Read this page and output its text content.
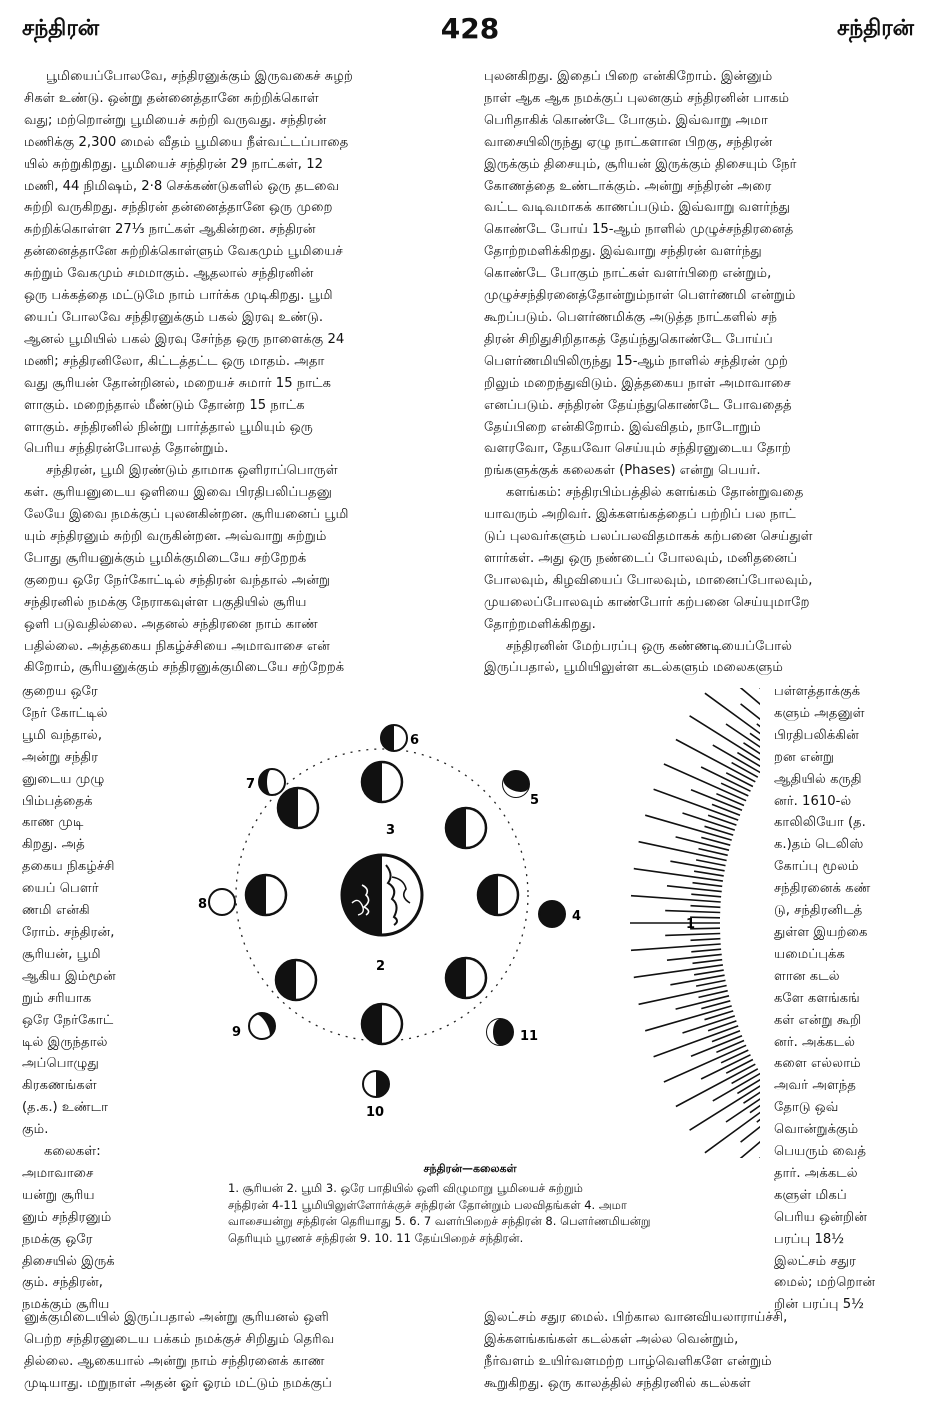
சந்திரன்	428	சந்திரன்

பூமியைப்போலவே, சந்திரனுக்கும் இருவகைச் சுழற்

சிகள் உண்டு. ஒன்று தன்னைத்தானே சுற்றிக்கொள்

வது; மற்றொன்று பூமியைச் சுற்றி வருவது. சந்திரன்

மணிக்கு 2,300 மைல் வீதம் பூமியை நீள்வட்டப்பாதை

யில் சுற்றுகிறது. பூமியைச் சந்திரன் 29 நாட்கள், 12

மணி, 44 நிமிஷம், 2·8 செக்கண்டுகளில் ஒரு தடவை

சுற்றி வருகிறது. சந்திரன் தன்னைத்தானே ஒரு முறை

சுற்றிக்கொள்ள 27⅓ நாட்கள் ஆகின்றன. சந்திரன்

தன்னைத்தானே சுற்றிக்கொள்ளும் வேகமும் பூமியைச்

சுற்றும் வேகமும் சமமாகும். ஆதலால் சந்திரனின்

ஒரு பக்கத்தை மட்டுமே நாம் பார்க்க முடிகிறது. பூமி

யைப் போலவே சந்திரனுக்கும் பகல் இரவு உண்டு.

ஆனல் பூமியில் பகல் இரவு சேர்ந்த ஒரு நாளைக்கு 24

மணி; சந்திரனிலோ, கிட்டத்தட்ட ஒரு மாதம். அதா

வது சூரியன் தோன்றினல், மறையச் சுமார் 15 நாட்க

ளாகும். மறைந்தால் மீண்டும் தோன்ற 15 நாட்க

ளாகும். சந்திரனில் நின்று பார்த்தால் பூமியும் ஒரு

பெரிய சந்திரன்போலத் தோன்றும்.

சந்திரன், பூமி இரண்டும் தாமாக ஒளிராப்பொருள்

கள். சூரியனுடைய ஒளியை இவை பிரதிபலிப்பதனு

லேயே இவை நமக்குப் புலனகின்றன. சூரியனைப் பூமி

யும் சந்திரனும் சுற்றி வருகின்றன. அவ்வாறு சுற்றும்

போது சூரியனுக்கும் பூமிக்குமிடையே சற்றேறக்

குறைய ஒரே நேர்கோட்டில் சந்திரன் வந்தால் அன்று

சந்திரனில் நமக்கு நேராகவுள்ள பகுதியில் சூரிய

ஒளி படுவதில்லை. அதனல் சந்திரனை நாம் காண்

பதில்லை. அத்தகைய நிகழ்ச்சியை அமாவாசை என்

கிறோம், சூரியனுக்கும் சந்திரனுக்குமிடையே சற்றேறக்

புலனகிறது. இதைப் பிறை என்கிறோம். இன்னும்

நாள் ஆக ஆக நமக்குப் புலனகும் சந்திரனின் பாகம்

பெரிதாகிக் கொண்டே போகும். இவ்வாறு அமா

வாசையிலிருந்து ஏழு நாட்களான பிறகு, சந்திரன்

இருக்கும் திசையும், சூரியன் இருக்கும் திசையும் நேர்

கோணத்தை உண்டாக்கும். அன்று சந்திரன் அரை

வட்ட வடிவமாகக் காணப்படும். இவ்வாறு வளர்ந்து

கொண்டே போய் 15-ஆம் நாளில் முழுச்சந்திரனைத்

தோற்றமளிக்கிறது. இவ்வாறு சந்திரன் வளர்ந்து

கொண்டே போகும் நாட்கள் வளர்பிறை என்றும்,

முழுச்சந்திரனைத்தோன்றும்நாள் பௌர்ணமி என்றும்

கூறப்படும். பௌர்ணமிக்கு அடுத்த நாட்களில் சந்

திரன் சிறிதுசிறிதாகத் தேய்ந்துகொண்டே போய்ப்

பௌர்ணமியிலிருந்து 15-ஆம் நாளில் சந்திரன் முற்

றிலும் மறைந்துவிடும். இத்தகைய நாள் அமாவாசை

எனப்படும். சந்திரன் தேய்ந்துகொண்டே போவதைத்

தேய்பிறை என்கிறோம். இவ்விதம், நாடோறும்

வளரவோ, தேயவோ செய்யும் சந்திரனுடைய தோற்

றங்களுக்குக் கலைகள் (Phases) என்று பெயர்.

களங்கம்: சந்திரபிம்பத்தில் களங்கம் தோன்றுவதை

யாவரும் அறிவர். இக்களங்கத்தைப் பற்றிப் பல நாட்

டுப் புலவர்களும் பலப்பலவிதமாகக் கற்பனை செய்துள்

ளார்கள். அது ஒரு நண்டைப் போலவும், மனிதனைப்

போலவும், கிழவியைப் போலவும், மானைப்போலவும்,

முயலைப்போலவும் காண்போர் கற்பனை செய்யுமாறே

தோற்றமளிக்கிறது.

சந்திரனின் மேற்பரப்பு ஒரு கண்ணடியைப்போல்

இருப்பதால், பூமியிலுள்ள கடல்களும் மலைகளும்

குறைய ஒரே

நேர் கோட்டில்

பூமி வந்தால்,

அன்று சந்திர

னுடைய முழு

பிம்பத்தைக்

காண முடி

கிறது. அத்

தகைய நிகழ்ச்சி

யைப் பௌர்

ணமி என்கி

ரோம். சந்திரன்,

சூரியன், பூமி

ஆகிய இம்மூன்

றும் சரியாக

ஒரே நேர்கோட்

டில் இருந்தால்

அப்பொழுது

கிரகணங்கள்

(த.க.) உண்டா

கும்.

கலைகள்:

அமாவாசை

யன்று சூரிய

னும் சந்திரனும்

நமக்கு ஒரே

திசையில் இருக்

கும். சந்திரன்,

நமக்கும் சூரிய

பள்ளத்தாக்குக்

களும் அதனுள்

பிரதிபலிக்கின்

றன என்று

ஆதியில் கருதி

னர். 1610-ல்

காலிலியோ (த.

க.)தம் டெலிஸ்

கோப்பு மூலம்

சந்திரனைக் கண்

டு, சந்திரனிடத்

துள்ள இயற்கை

யமைப்புக்க

ளான கடல்

களே களங்கங்

கள் என்று கூறி

னர். அக்கடல்

களை எல்லாம்

அவர் அளந்த

தோடு ஒவ்

வொன்றுக்கும்

பெயரும் வைத்

தார். அக்கடல்

களுள் மிகப்

பெரிய ஒன்றின்

பரப்பு 18½

இலட்சம் சதுர

மைல்; மற்றொன்

றின் பரப்பு 5½

1
2
3
4
5
6
7
8
9
10
11
சந்திரன்—கலைகள்

1. சூரியன் 2. பூமி 3. ஒரே பாதியில் ஒளி விழுமாறு பூமியைச் சுற்றும்

சந்திரன் 4-11 பூமியிலுள்ளோர்க்குச் சந்திரன் தோன்றும் பலவிதங்கள் 4. அமா

வாசையன்று சந்திரன் தெரியாது 5. 6. 7 வளர்பிறைச் சந்திரன் 8. பௌர்ணமியன்று

தெரியும் பூரணச் சந்திரன் 9. 10. 11 தேய்பிறைச் சந்திரன்.

னுக்குமிடையில் இருப்பதால் அன்று சூரியனல் ஒளி

பெற்ற சந்திரனுடைய பக்கம் நமக்குச் சிறிதும் தெரிவ

தில்லை. ஆகையால் அன்று நாம் சந்திரனைக் காண

முடியாது. மறுநாள் அதன் ஓர் ஓரம் மட்டும் நமக்குப்

இலட்சம் சதுர மைல். பிற்கால வானவியலாராய்ச்சி,

இக்களங்கங்கள் கடல்கள் அல்ல வென்றும்,

நீர்வளம் உயிர்வளமற்ற பாழ்வெளிகளே என்றும்

கூறுகிறது. ஒரு காலத்தில் சந்திரனில் கடல்கள்
